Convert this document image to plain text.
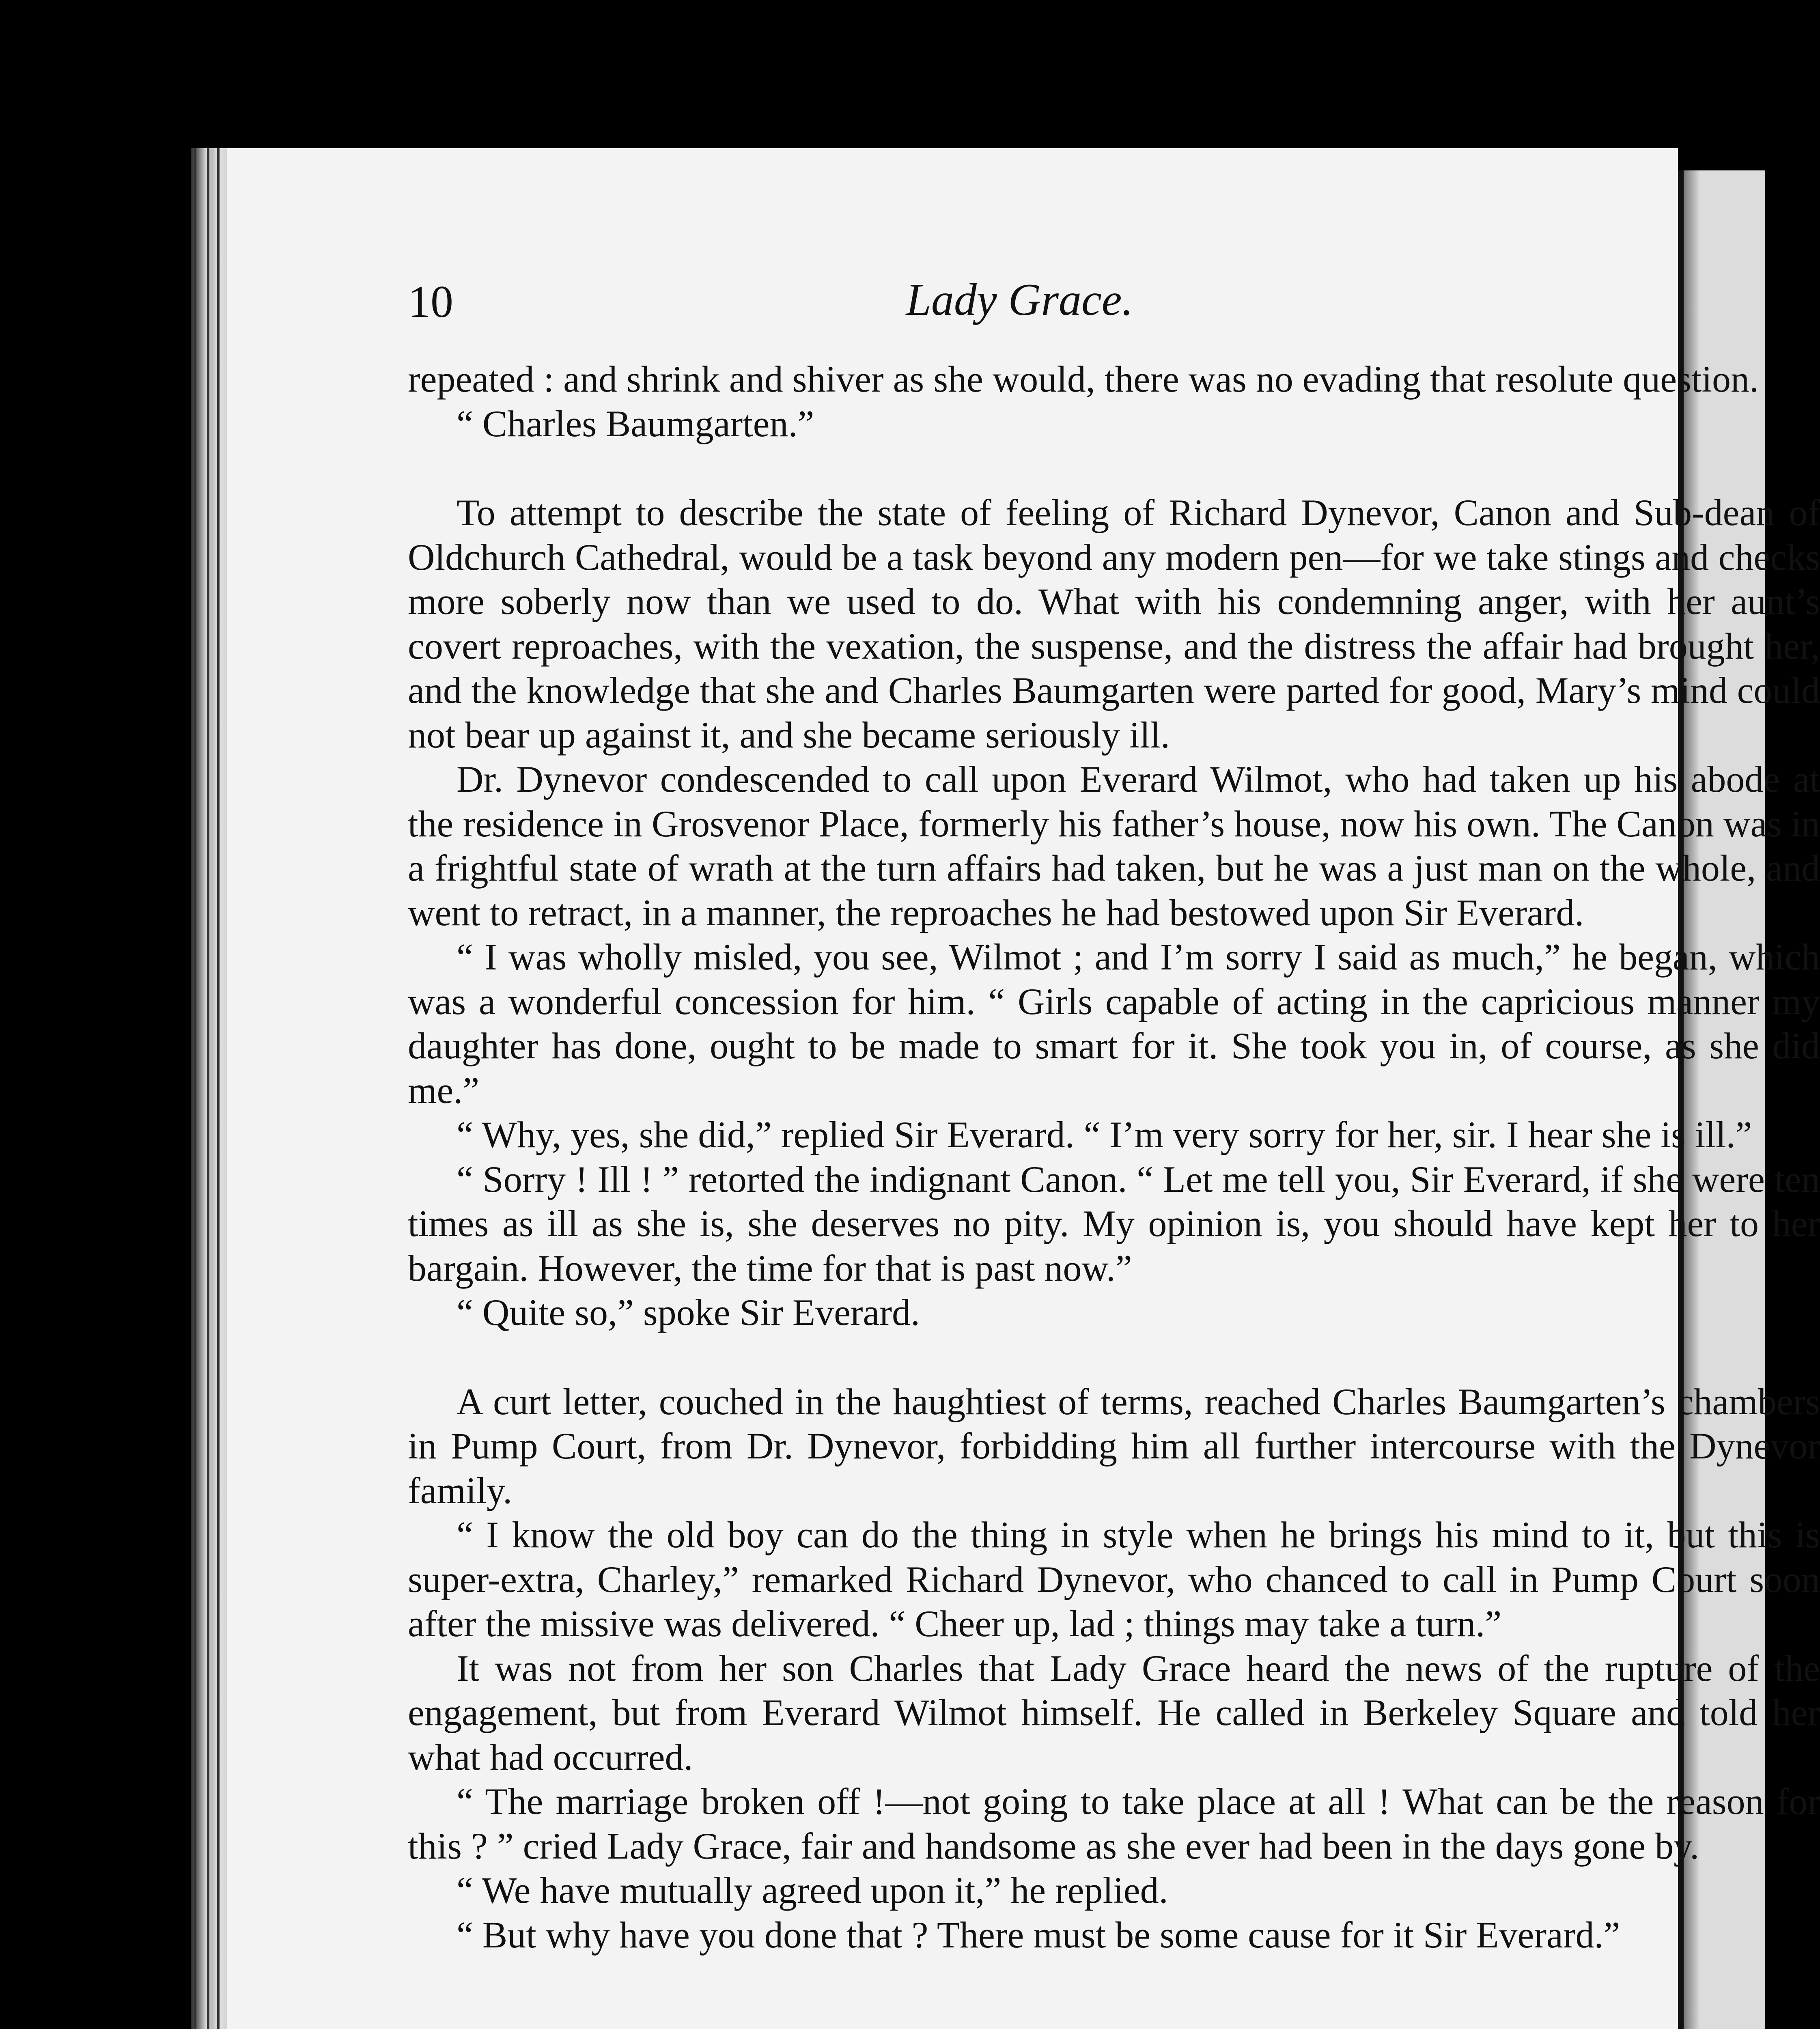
10	Lady Grace.

repeated : and shrink and shiver as she would, there was no evading that resolute question.

“ Charles Baumgarten.”

To attempt to describe the state of feeling of Richard Dynevor, Canon and Sub-dean of Oldchurch Cathedral, would be a task beyond any modern pen—for we take stings and checks more soberly now than we used to do. What with his condemning anger, with her aunt’s covert reproaches, with the vexation, the suspense, and the distress the affair had brought her, and the knowledge that she and Charles Baumgarten were parted for good, Mary’s mind could not bear up against it, and she became seriously ill.

Dr. Dynevor condescended to call upon Everard Wilmot, who had taken up his abode at the residence in Grosvenor Place, formerly his father’s house, now his own. The Canon was in a frightful state of wrath at the turn affairs had taken, but he was a just man on the whole, and went to retract, in a manner, the reproaches he had bestowed upon Sir Everard.

“ I was wholly misled, you see, Wilmot ; and I’m sorry I said as much,” he began, which was a wonderful concession for him. “ Girls capable of acting in the capricious manner my daughter has done, ought to be made to smart for it. She took you in, of course, as she did me.”

“ Why, yes, she did,” replied Sir Everard. “ I’m very sorry for her, sir. I hear she is ill.”

“ Sorry ! Ill ! ” retorted the indignant Canon. “ Let me tell you, Sir Everard, if she were ten times as ill as she is, she deserves no pity. My opinion is, you should have kept her to her bargain. However, the time for that is past now.”

“ Quite so,” spoke Sir Everard.

A curt letter, couched in the haughtiest of terms, reached Charles Baumgarten’s chambers in Pump Court, from Dr. Dynevor, forbidding him all further intercourse with the Dynevor family.

“ I know the old boy can do the thing in style when he brings his mind to it, but this is super-extra, Charley,” remarked Richard Dynevor, who chanced to call in Pump Court soon after the missive was delivered. “ Cheer up, lad ; things may take a turn.”

It was not from her son Charles that Lady Grace heard the news of the rupture of the engagement, but from Everard Wilmot himself. He called in Berkeley Square and told her what had occurred.

“ The marriage broken off !—not going to take place at all ! What can be the reason for this ? ” cried Lady Grace, fair and handsome as she ever had been in the days gone by.

“ We have mutually agreed upon it,” he replied.

“ But why have you done that ? There must be some cause for it Sir Everard.”
